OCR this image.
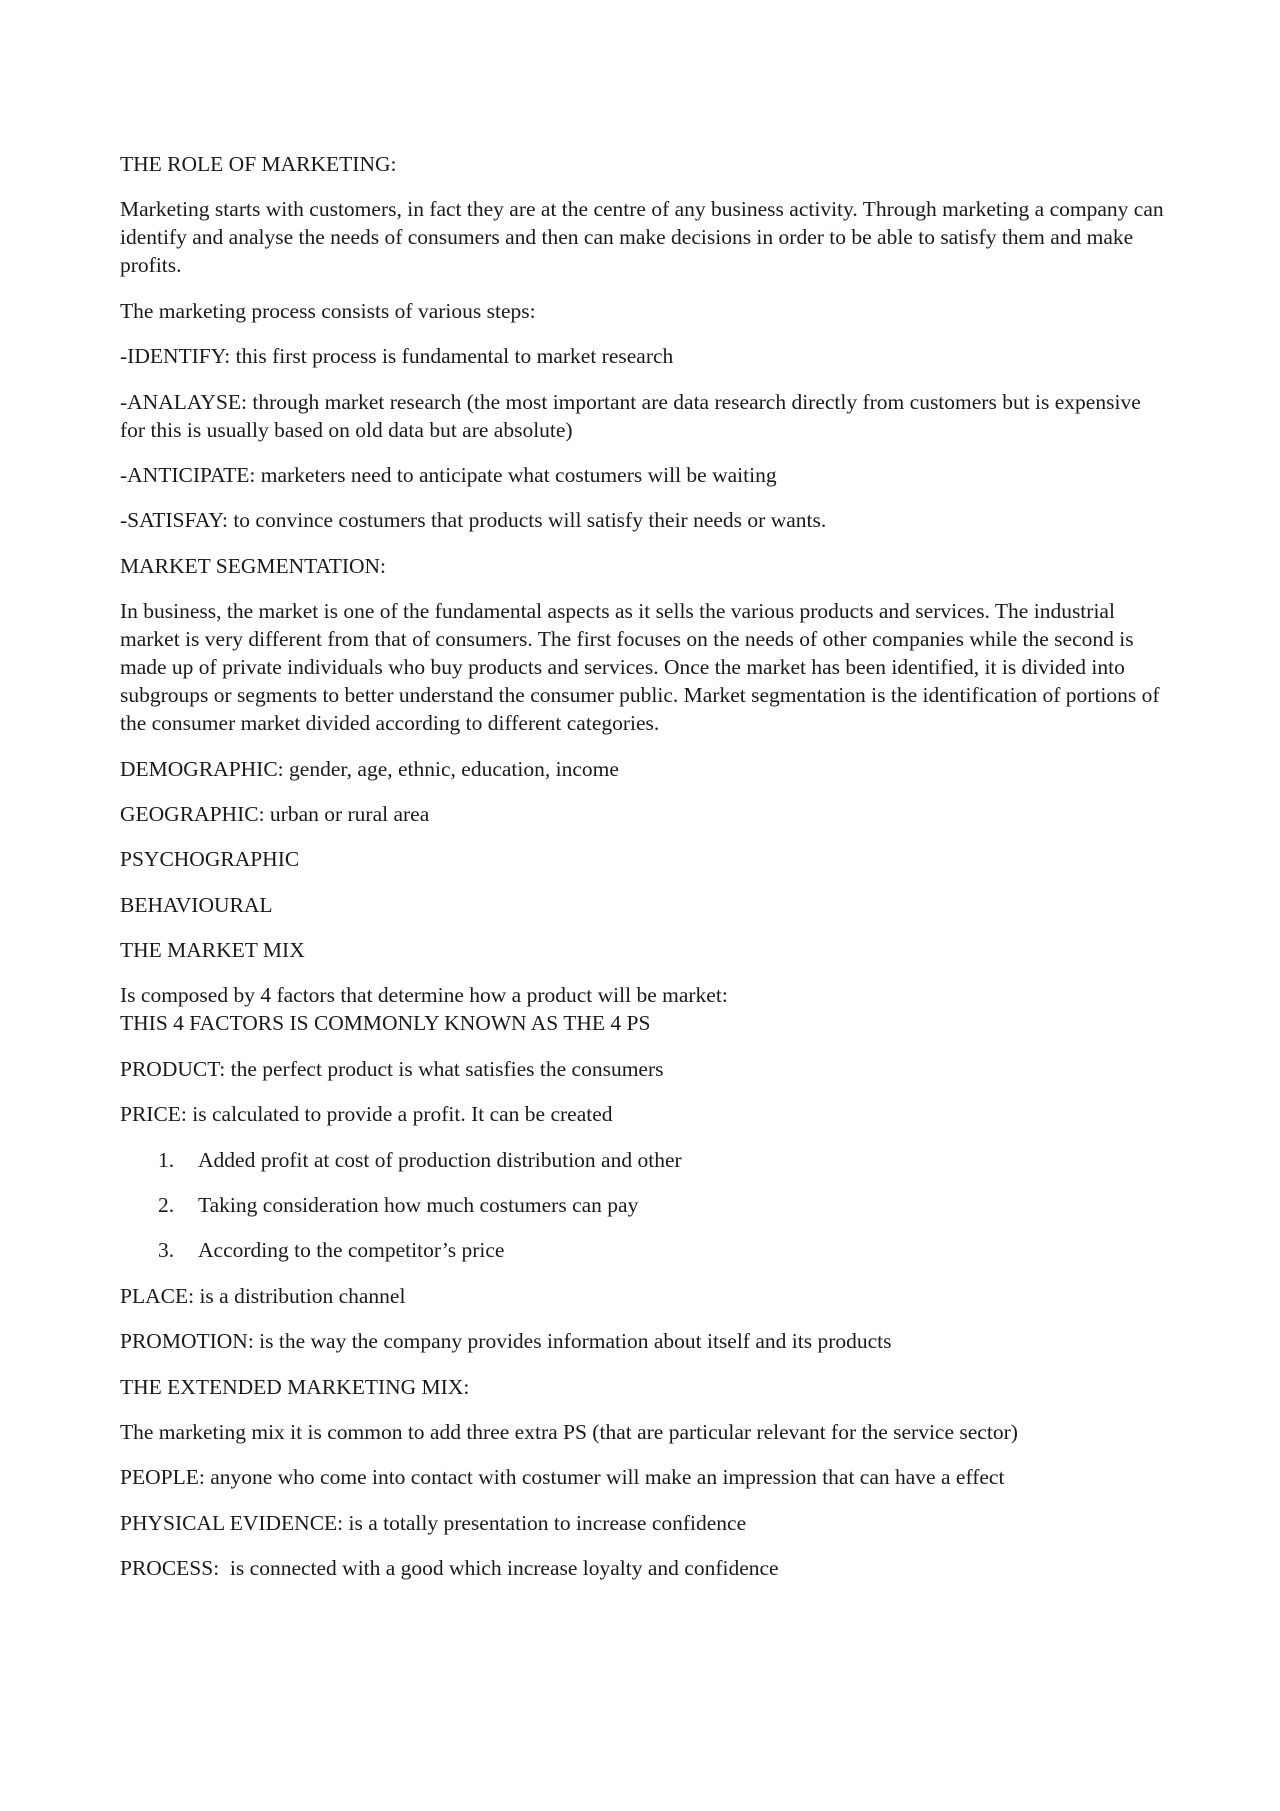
THE ROLE OF MARKETING:

Marketing starts with customers, in fact they are at the centre of any business activity. Through marketing a company can identify and analyse the needs of consumers and then can make decisions in order to be able to satisfy them and make profits.

The marketing process consists of various steps:

-IDENTIFY: this first process is fundamental to market research

-ANALAYSE: through market research (the most important are data research directly from customers but is expensive for this is usually based on old data but are absolute)

-ANTICIPATE: marketers need to anticipate what costumers will be waiting

-SATISFAY: to convince costumers that products will satisfy their needs or wants.

MARKET SEGMENTATION:

In business, the market is one of the fundamental aspects as it sells the various products and services. The industrial market is very different from that of consumers. The first focuses on the needs of other companies while the second is made up of private individuals who buy products and services. Once the market has been identified, it is divided into subgroups or segments to better understand the consumer public. Market segmentation is the identification of portions of the consumer market divided according to different categories.

DEMOGRAPHIC: gender, age, ethnic, education, income

GEOGRAPHIC: urban or rural area

PSYCHOGRAPHIC

BEHAVIOURAL

THE MARKET MIX

Is composed by 4 factors that determine how a product will be market:

THIS 4 FACTORS IS COMMONLY KNOWN AS THE 4 PS

PRODUCT: the perfect product is what satisfies the consumers

PRICE: is calculated to provide a profit. It can be created

1.	Added profit at cost of production distribution and other
2.	Taking consideration how much costumers can pay
3.	According to the competitor’s price

PLACE: is a distribution channel

PROMOTION: is the way the company provides information about itself and its products

THE EXTENDED MARKETING MIX:

The marketing mix it is common to add three extra PS (that are particular relevant for the service sector)

PEOPLE: anyone who come into contact with costumer will make an impression that can have a effect

PHYSICAL EVIDENCE: is a totally presentation to increase confidence

PROCESS:  is connected with a good which increase loyalty and confidence
